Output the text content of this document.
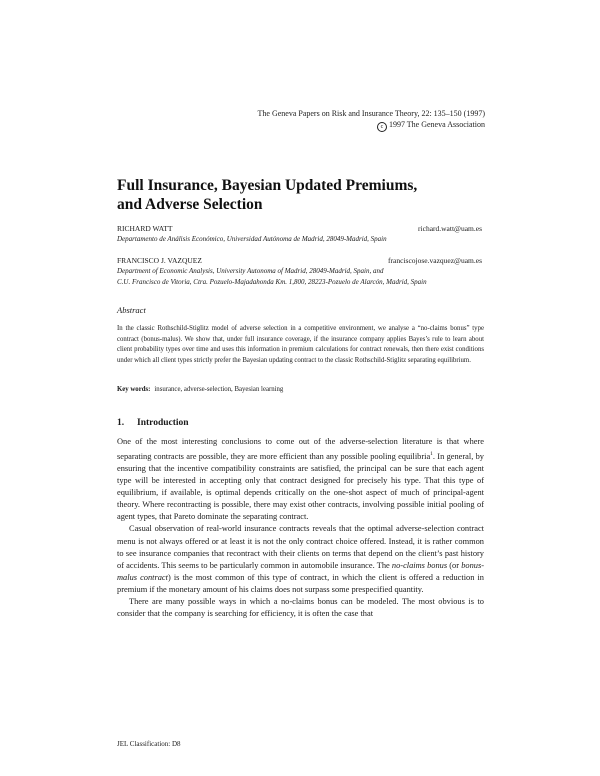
The Geneva Papers on Risk and Insurance Theory, 22: 135–150 (1997)
c 1997 The Geneva Association
Full Insurance, Bayesian Updated Premiums,
and Adverse Selection
RICHARD WATT	richard.watt@uam.es
Departamento de Análisis Económico, Universidad Autónoma de Madrid, 28049-Madrid, Spain
FRANCISCO J. VAZQUEZ	franciscojose.vazquez@uam.es
Department of Economic Analysis, University Autonoma of Madrid, 28049-Madrid, Spain, and
C.U. Francisco de Vitoria, Ctra. Pozuelo-Majadahonda Km. 1,800, 28223-Pozuelo de Alarcón, Madrid, Spain
Abstract
In the classic Rothschild-Stiglitz model of adverse selection in a competitive environment, we analyse a “no-claims bonus” type contract (bonus-malus). We show that, under full insurance coverage, if the insurance company applies Bayes’s rule to learn about client probability types over time and uses this information in premium calculations for contract renewals, then there exist conditions under which all client types strictly prefer the Bayesian updating contract to the classic Rothschild-Stiglitz separating equilibrium.
Key words: insurance, adverse-selection, Bayesian learning
1. Introduction

One of the most interesting conclusions to come out of the adverse-selection literature is that where separating contracts are possible, they are more efficient than any possible pooling equilibria$^1$. In general, by ensuring that the incentive compatibility constraints are satisfied, the principal can be sure that each agent type will be interested in accepting only that contract designed for precisely his type. That this type of equilibrium, if available, is optimal depends critically on the one-shot aspect of much of principal-agent theory. Where recontracting is possible, there may exist other contracts, involving possible initial pooling of agent types, that Pareto dominate the separating contract.

Casual observation of real-world insurance contracts reveals that the optimal adverse-selection contract menu is not always offered or at least it is not the only contract choice offered. Instead, it is rather common to see insurance companies that recontract with their clients on terms that depend on the client’s past history of accidents. This seems to be particularly common in automobile insurance. The no-claims bonus (or bonus-malus contract) is the most common of this type of contract, in which the client is offered a reduction in premium if the monetary amount of his claims does not surpass some prespecified quantity.

There are many possible ways in which a no-claims bonus can be modeled. The most obvious is to consider that the company is searching for efficiency, it is often the case that

JEL Classification: D8
